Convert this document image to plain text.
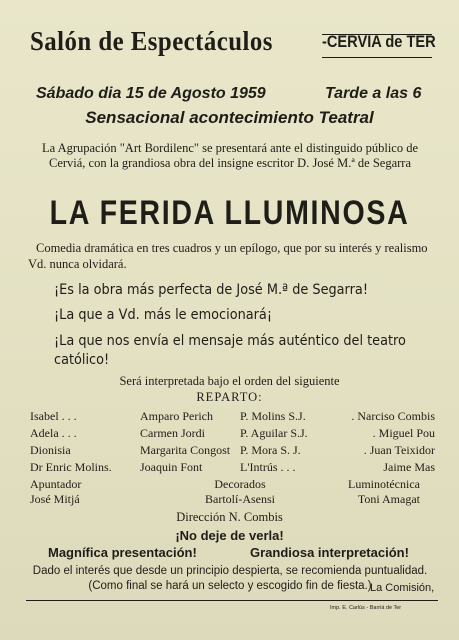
Salón de Espectáculos	-CERVIA de TER
Sábado dia 15 de Agosto 1959	Tarde a las 6
Sensacional acontecimiento Teatral
La Agrupación "Art Bordilenc" se presentará ante el distinguido público de Cerviá, con la grandiosa obra del insigne escritor D. José M.ª de Segarra
LA FERIDA LLUMINOSA
Comedia dramática en tres cuadros y un epílogo, que por su interés y realismo Vd. nunca olvidará.
¡Es la obra más perfecta de José M.ª de Segarra!
¡La que a Vd. más le emocionará¡
¡La que nos envía el mensaje más auténtico del teatro católico!
Será interpretada bajo el orden del siguiente
REPARTO:
Isabel . . .	Amparo Perich	P. Molins S.J.	. Narciso Combis
Adela . . .	Carmen Jordi	P. Aguilar S.J.	. Miguel Pou
Dionisia	Margarita Congost	P. Mora S. J.	. Juan Teixidor
Dr Enric Molins.	Joaquin Font	L'Intrús . . .	Jaime Mas
Apuntador	Decorados	Luminotécnica
José Mitjá	Bartolí-Asensi	Toni Amagat
Dirección N. Combis
¡No deje de verla!
Magnífica presentación!	Grandiosa interpretación!
Dado el interés que desde un principio despierta, se recomienda puntualidad. (Como final se hará un selecto y escogido fin de fiesta.)
La Comisión,
Imp. E. Carlús - Barriá de Ter
